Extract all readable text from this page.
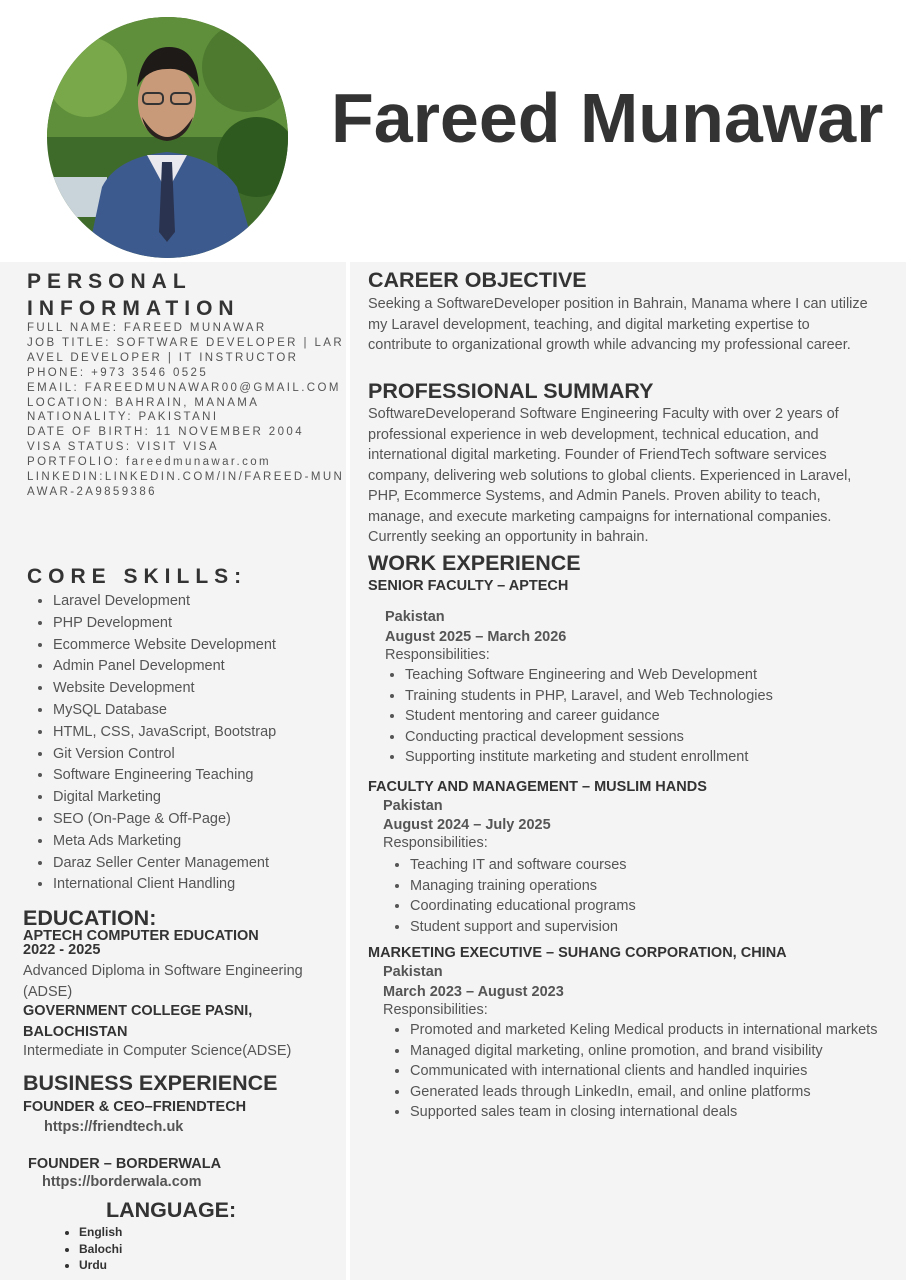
Fareed Munawar
PERSONAL INFORMATION
FULL NAME: FAREED MUNAWAR
JOB TITLE: SOFTWARE DEVELOPER | LARAVEL DEVELOPER | IT INSTRUCTOR
PHONE: +973 3546 0525
EMAIL: FAREEDMUNAWAR00@GMAIL.COM
LOCATION: BAHRAIN, MANAMA
NATIONALITY: PAKISTANI
DATE OF BIRTH: 11 NOVEMBER 2004
VISA STATUS: VISIT VISA
PORTFOLIO: fareedmunawar.com
LINKEDIN:LINKEDIN.COM/IN/FAREED-MUNAWAR-2A9859386
CORE SKILLS:
• Laravel Development
• PHP Development
• Ecommerce Website Development
• Admin Panel Development
• Website Development
• MySQL Database
• HTML, CSS, JavaScript, Bootstrap
• Git Version Control
• Software Engineering Teaching
• Digital Marketing
• SEO (On-Page & Off-Page)
• Meta Ads Marketing
• Daraz Seller Center Management
• International Client Handling
EDUCATION:
APTECH COMPUTER EDUCATION
2022 - 2025
Advanced Diploma in Software Engineering (ADSE)
GOVERNMENT COLLEGE PASNI, BALOCHISTAN
Intermediate in Computer Science(ADSE)
BUSINESS EXPERIENCE
FOUNDER & CEO–FRIENDTECH
https://friendtech.uk
FOUNDER – BORDERWALA
https://borderwala.com
LANGUAGE:
• English
• Balochi
• Urdu
CAREER OBJECTIVE
Seeking a SoftwareDeveloper position in Bahrain, Manama where I can utilize my Laravel development, teaching, and digital marketing expertise to contribute to organizational growth while advancing my professional career.
PROFESSIONAL SUMMARY
SoftwareDeveloperand Software Engineering Faculty with over 2 years of professional experience in web development, technical education, and international digital marketing. Founder of FriendTech software services company, delivering web solutions to global clients. Experienced in Laravel, PHP, Ecommerce Systems, and Admin Panels. Proven ability to teach, manage, and execute marketing campaigns for international companies. Currently seeking an opportunity in bahrain.
WORK EXPERIENCE
SENIOR FACULTY – APTECH
Pakistan
August 2025 – March 2026
Responsibilities:
• Teaching Software Engineering and Web Development
• Training students in PHP, Laravel, and Web Technologies
• Student mentoring and career guidance
• Conducting practical development sessions
• Supporting institute marketing and student enrollment
FACULTY AND MANAGEMENT – MUSLIM HANDS
Pakistan
August 2024 – July 2025
Responsibilities:
• Teaching IT and software courses
• Managing training operations
• Coordinating educational programs
• Student support and supervision
MARKETING EXECUTIVE – SUHANG CORPORATION, CHINA
Pakistan
March 2023 – August 2023
Responsibilities:
• Promoted and marketed Keling Medical products in international markets
• Managed digital marketing, online promotion, and brand visibility
• Communicated with international clients and handled inquiries
• Generated leads through LinkedIn, email, and online platforms
• Supported sales team in closing international deals
